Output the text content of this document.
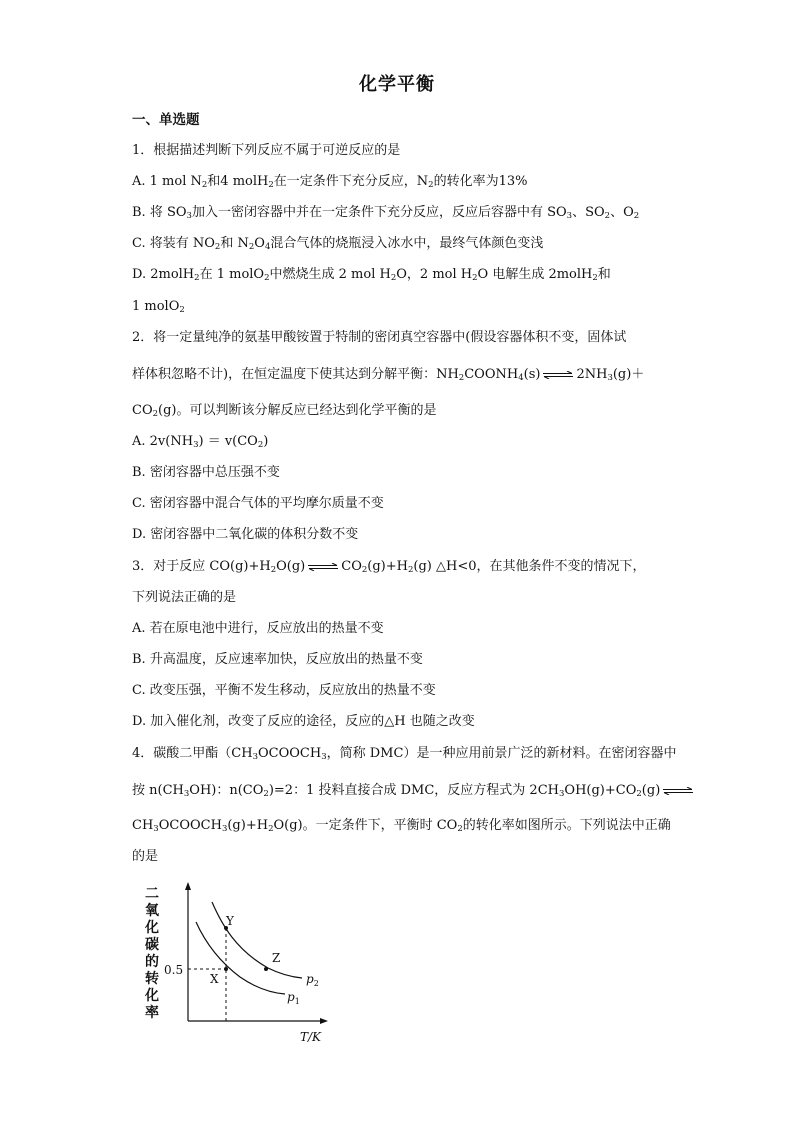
化学平衡
一、单选题
1．根据描述判断下列反应不属于可逆反应的是
A. 1 mol $N_2$和4 molH$_2$在一定条件下充分反应，$N_2$的转化率为13%
B. 将 $SO_3$加入一密闭容器中并在一定条件下充分反应，反应后容器中有 $SO_3$、$SO_2$、$O_2$
C. 将装有 $NO_2$和 $N_2O_4$混合气体的烧瓶浸入冰水中，最终气体颜色变浅
D. 2molH$_2$在 1 molO$_2$中燃烧生成 2 mol $H_2O$，2 mol $H_2O$ 电解生成 2molH$_2$和
1 molO$_2$
2．将一定量纯净的氨基甲酸铵置于特制的密闭真空容器中(假设容器体积不变，固体试
样体积忽略不计)，在恒定温度下使其达到分解平衡：$NH_2COONH_4(s)$ ⇌ $2NH_3(g)+$
$CO_2(g)$。可以判断该分解反应已经达到化学平衡的是
A. $2v(NH_3) = v(CO_2)$
B. 密闭容器中总压强不变
C. 密闭容器中混合气体的平均摩尔质量不变
D. 密闭容器中二氧化碳的体积分数不变
3．对于反应 $CO(g)+H_2O(g)$ ⇌ $CO_2(g)+H_2(g)$ △H<0，在其他条件不变的情况下，
下列说法正确的是
A. 若在原电池中进行，反应放出的热量不变
B. 升高温度，反应速率加快，反应放出的热量不变
C. 改变压强，平衡不发生移动，反应放出的热量不变
D. 加入催化剂，改变了反应的途径，反应的△H 也随之改变
4．碳酸二甲酯（$CH_3OCOOCH_3$，简称 DMC）是一种应用前景广泛的新材料。在密闭容器中
按 $n(CH_3OH)$：$n(CO_2)=2$：1 投料直接合成 DMC，反应方程式为 $2CH_3OH(g)+CO_2(g)$ ⇌
$CH_3OCOOCH_3(g)+H_2O(g)$。一定条件下，平衡时 $CO_2$的转化率如图所示。下列说法中正确
的是
二
氧
化
碳
的
转
化
率
0.5
Y
Z
X	$p_2$
$p_1$
T/K
